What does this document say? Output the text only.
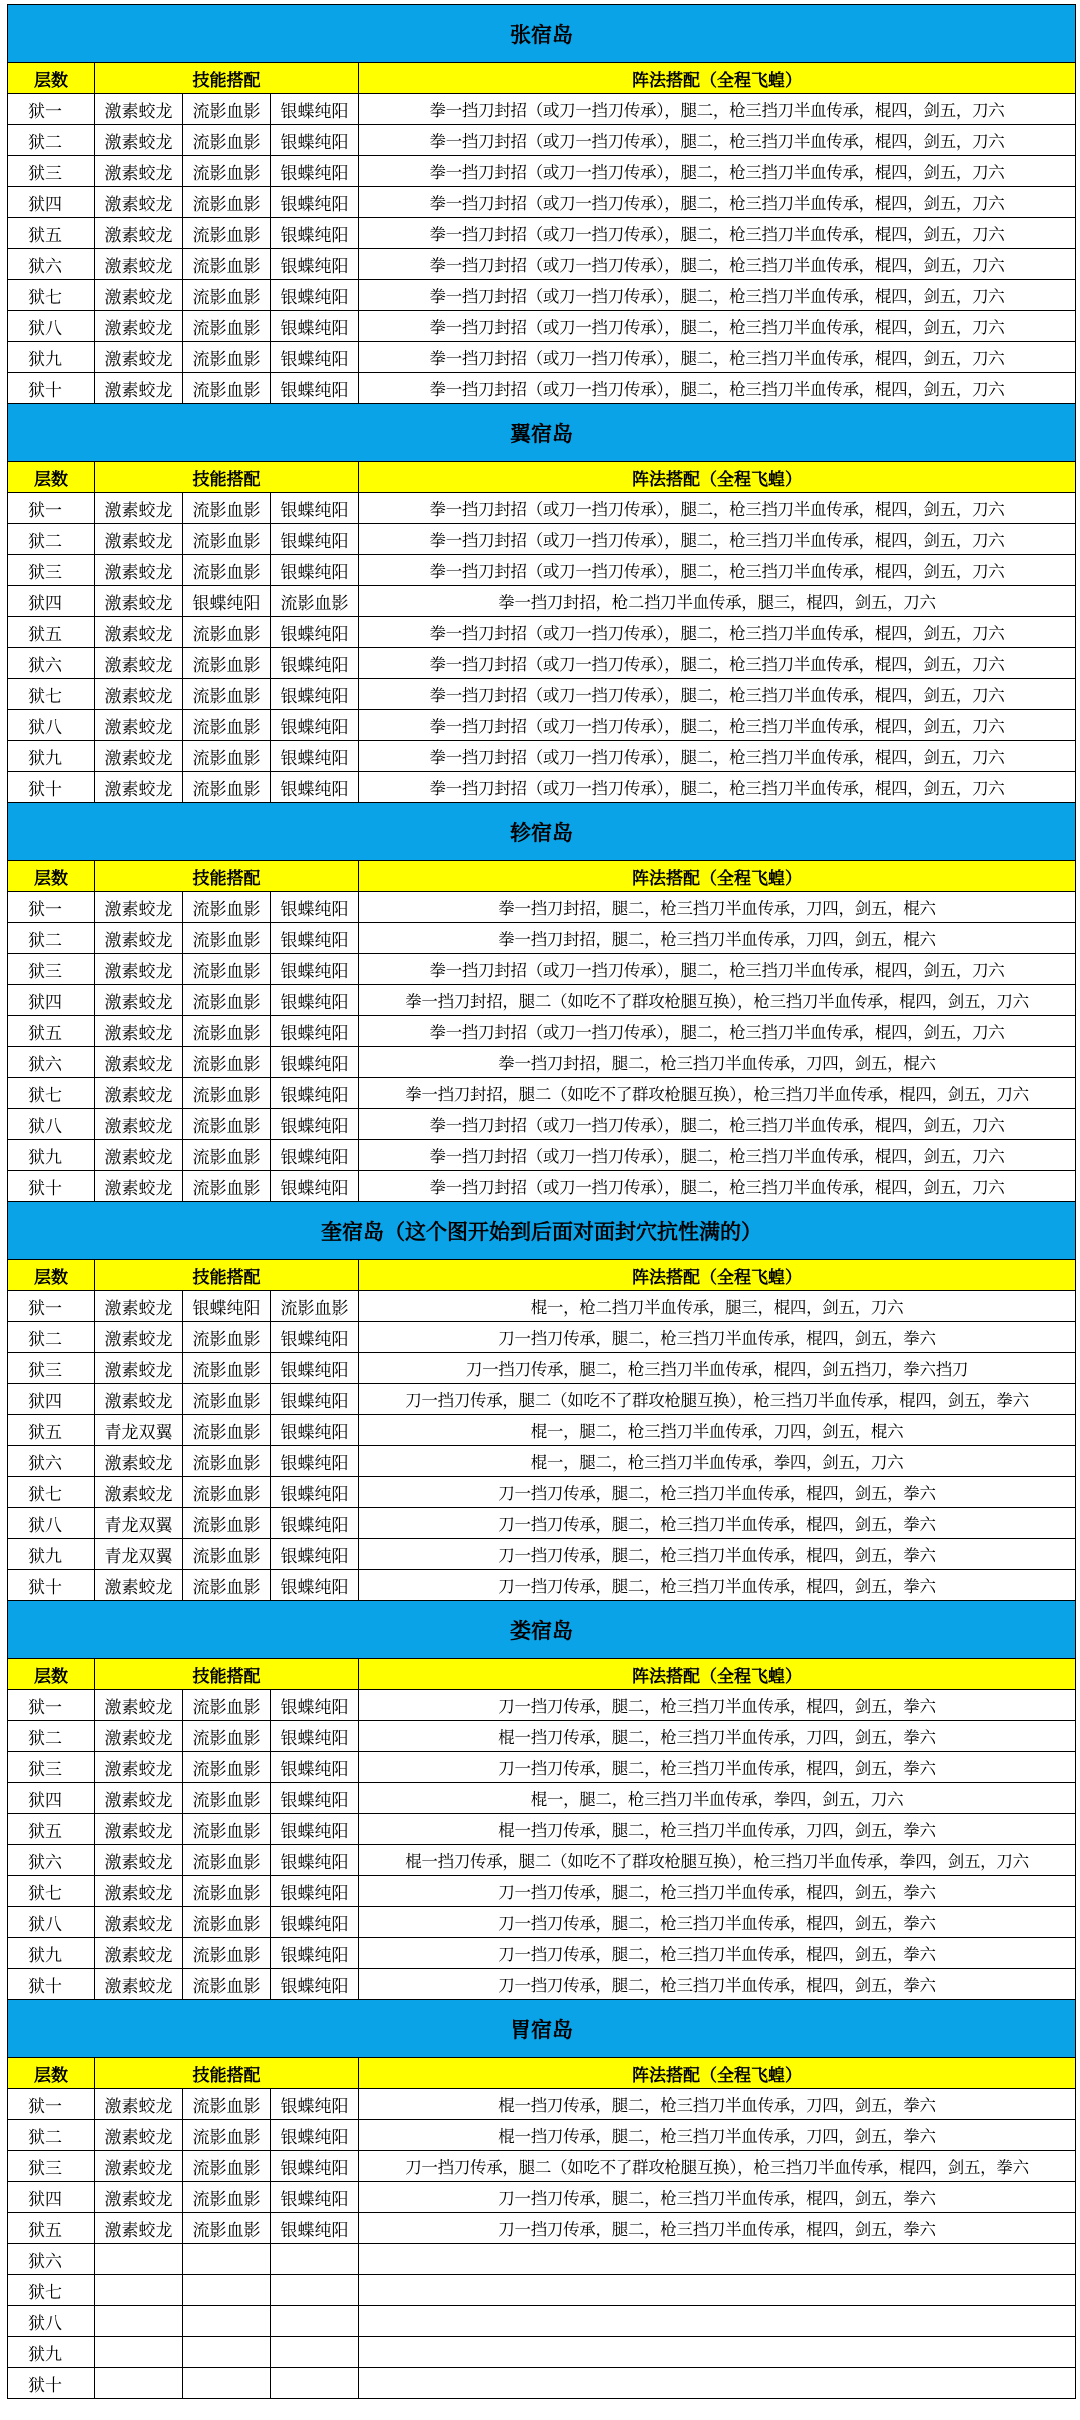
张宿岛				
层数	技能搭配			阵法搭配（全程飞蝗）
狱一	激素蛟龙	流影血影	银蝶纯阳	拳一挡刀封招（或刀一挡刀传承），腿二，枪三挡刀半血传承，棍四，剑五，刀六
狱二	激素蛟龙	流影血影	银蝶纯阳	拳一挡刀封招（或刀一挡刀传承），腿二，枪三挡刀半血传承，棍四，剑五，刀六
狱三	激素蛟龙	流影血影	银蝶纯阳	拳一挡刀封招（或刀一挡刀传承），腿二，枪三挡刀半血传承，棍四，剑五，刀六
狱四	激素蛟龙	流影血影	银蝶纯阳	拳一挡刀封招（或刀一挡刀传承），腿二，枪三挡刀半血传承，棍四，剑五，刀六
狱五	激素蛟龙	流影血影	银蝶纯阳	拳一挡刀封招（或刀一挡刀传承），腿二，枪三挡刀半血传承，棍四，剑五，刀六
狱六	激素蛟龙	流影血影	银蝶纯阳	拳一挡刀封招（或刀一挡刀传承），腿二，枪三挡刀半血传承，棍四，剑五，刀六
狱七	激素蛟龙	流影血影	银蝶纯阳	拳一挡刀封招（或刀一挡刀传承），腿二，枪三挡刀半血传承，棍四，剑五，刀六
狱八	激素蛟龙	流影血影	银蝶纯阳	拳一挡刀封招（或刀一挡刀传承），腿二，枪三挡刀半血传承，棍四，剑五，刀六
狱九	激素蛟龙	流影血影	银蝶纯阳	拳一挡刀封招（或刀一挡刀传承），腿二，枪三挡刀半血传承，棍四，剑五，刀六
狱十	激素蛟龙	流影血影	银蝶纯阳	拳一挡刀封招（或刀一挡刀传承），腿二，枪三挡刀半血传承，棍四，剑五，刀六
翼宿岛				
层数	技能搭配			阵法搭配（全程飞蝗）
狱一	激素蛟龙	流影血影	银蝶纯阳	拳一挡刀封招（或刀一挡刀传承），腿二，枪三挡刀半血传承，棍四，剑五，刀六
狱二	激素蛟龙	流影血影	银蝶纯阳	拳一挡刀封招（或刀一挡刀传承），腿二，枪三挡刀半血传承，棍四，剑五，刀六
狱三	激素蛟龙	流影血影	银蝶纯阳	拳一挡刀封招（或刀一挡刀传承），腿二，枪三挡刀半血传承，棍四，剑五，刀六
狱四	激素蛟龙	银蝶纯阳	流影血影	拳一挡刀封招，枪二挡刀半血传承，腿三，棍四，剑五，刀六
狱五	激素蛟龙	流影血影	银蝶纯阳	拳一挡刀封招（或刀一挡刀传承），腿二，枪三挡刀半血传承，棍四，剑五，刀六
狱六	激素蛟龙	流影血影	银蝶纯阳	拳一挡刀封招（或刀一挡刀传承），腿二，枪三挡刀半血传承，棍四，剑五，刀六
狱七	激素蛟龙	流影血影	银蝶纯阳	拳一挡刀封招（或刀一挡刀传承），腿二，枪三挡刀半血传承，棍四，剑五，刀六
狱八	激素蛟龙	流影血影	银蝶纯阳	拳一挡刀封招（或刀一挡刀传承），腿二，枪三挡刀半血传承，棍四，剑五，刀六
狱九	激素蛟龙	流影血影	银蝶纯阳	拳一挡刀封招（或刀一挡刀传承），腿二，枪三挡刀半血传承，棍四，剑五，刀六
狱十	激素蛟龙	流影血影	银蝶纯阳	拳一挡刀封招（或刀一挡刀传承），腿二，枪三挡刀半血传承，棍四，剑五，刀六
轸宿岛				
层数	技能搭配			阵法搭配（全程飞蝗）
狱一	激素蛟龙	流影血影	银蝶纯阳	拳一挡刀封招，腿二，枪三挡刀半血传承，刀四，剑五，棍六
狱二	激素蛟龙	流影血影	银蝶纯阳	拳一挡刀封招，腿二，枪三挡刀半血传承，刀四，剑五，棍六
狱三	激素蛟龙	流影血影	银蝶纯阳	拳一挡刀封招（或刀一挡刀传承），腿二，枪三挡刀半血传承，棍四，剑五，刀六
狱四	激素蛟龙	流影血影	银蝶纯阳	拳一挡刀封招，腿二（如吃不了群攻枪腿互换），枪三挡刀半血传承，棍四，剑五，刀六
狱五	激素蛟龙	流影血影	银蝶纯阳	拳一挡刀封招（或刀一挡刀传承），腿二，枪三挡刀半血传承，棍四，剑五，刀六
狱六	激素蛟龙	流影血影	银蝶纯阳	拳一挡刀封招，腿二，枪三挡刀半血传承，刀四，剑五，棍六
狱七	激素蛟龙	流影血影	银蝶纯阳	拳一挡刀封招，腿二（如吃不了群攻枪腿互换），枪三挡刀半血传承，棍四，剑五，刀六
狱八	激素蛟龙	流影血影	银蝶纯阳	拳一挡刀封招（或刀一挡刀传承），腿二，枪三挡刀半血传承，棍四，剑五，刀六
狱九	激素蛟龙	流影血影	银蝶纯阳	拳一挡刀封招（或刀一挡刀传承），腿二，枪三挡刀半血传承，棍四，剑五，刀六
狱十	激素蛟龙	流影血影	银蝶纯阳	拳一挡刀封招（或刀一挡刀传承），腿二，枪三挡刀半血传承，棍四，剑五，刀六
奎宿岛（这个图开始到后面对面封穴抗性满的）				
层数	技能搭配			阵法搭配（全程飞蝗）
狱一	激素蛟龙	银蝶纯阳	流影血影	棍一，枪二挡刀半血传承，腿三，棍四，剑五，刀六
狱二	激素蛟龙	流影血影	银蝶纯阳	刀一挡刀传承，腿二，枪三挡刀半血传承，棍四，剑五，拳六
狱三	激素蛟龙	流影血影	银蝶纯阳	刀一挡刀传承，腿二，枪三挡刀半血传承，棍四，剑五挡刀，拳六挡刀
狱四	激素蛟龙	流影血影	银蝶纯阳	刀一挡刀传承，腿二（如吃不了群攻枪腿互换），枪三挡刀半血传承，棍四，剑五，拳六
狱五	青龙双翼	流影血影	银蝶纯阳	棍一，腿二，枪三挡刀半血传承，刀四，剑五，棍六
狱六	激素蛟龙	流影血影	银蝶纯阳	棍一，腿二，枪三挡刀半血传承，拳四，剑五，刀六
狱七	激素蛟龙	流影血影	银蝶纯阳	刀一挡刀传承，腿二，枪三挡刀半血传承，棍四，剑五，拳六
狱八	青龙双翼	流影血影	银蝶纯阳	刀一挡刀传承，腿二，枪三挡刀半血传承，棍四，剑五，拳六
狱九	青龙双翼	流影血影	银蝶纯阳	刀一挡刀传承，腿二，枪三挡刀半血传承，棍四，剑五，拳六
狱十	激素蛟龙	流影血影	银蝶纯阳	刀一挡刀传承，腿二，枪三挡刀半血传承，棍四，剑五，拳六
娄宿岛				
层数	技能搭配			阵法搭配（全程飞蝗）
狱一	激素蛟龙	流影血影	银蝶纯阳	刀一挡刀传承，腿二，枪三挡刀半血传承，棍四，剑五，拳六
狱二	激素蛟龙	流影血影	银蝶纯阳	棍一挡刀传承，腿二，枪三挡刀半血传承，刀四，剑五，拳六
狱三	激素蛟龙	流影血影	银蝶纯阳	刀一挡刀传承，腿二，枪三挡刀半血传承，棍四，剑五，拳六
狱四	激素蛟龙	流影血影	银蝶纯阳	棍一，腿二，枪三挡刀半血传承，拳四，剑五，刀六
狱五	激素蛟龙	流影血影	银蝶纯阳	棍一挡刀传承，腿二，枪三挡刀半血传承，刀四，剑五，拳六
狱六	激素蛟龙	流影血影	银蝶纯阳	棍一挡刀传承，腿二（如吃不了群攻枪腿互换），枪三挡刀半血传承，拳四，剑五，刀六
狱七	激素蛟龙	流影血影	银蝶纯阳	刀一挡刀传承，腿二，枪三挡刀半血传承，棍四，剑五，拳六
狱八	激素蛟龙	流影血影	银蝶纯阳	刀一挡刀传承，腿二，枪三挡刀半血传承，棍四，剑五，拳六
狱九	激素蛟龙	流影血影	银蝶纯阳	刀一挡刀传承，腿二，枪三挡刀半血传承，棍四，剑五，拳六
狱十	激素蛟龙	流影血影	银蝶纯阳	刀一挡刀传承，腿二，枪三挡刀半血传承，棍四，剑五，拳六
胃宿岛				
层数	技能搭配			阵法搭配（全程飞蝗）
狱一	激素蛟龙	流影血影	银蝶纯阳	棍一挡刀传承，腿二，枪三挡刀半血传承，刀四，剑五，拳六
狱二	激素蛟龙	流影血影	银蝶纯阳	棍一挡刀传承，腿二，枪三挡刀半血传承，刀四，剑五，拳六
狱三	激素蛟龙	流影血影	银蝶纯阳	刀一挡刀传承，腿二（如吃不了群攻枪腿互换），枪三挡刀半血传承，棍四，剑五，拳六
狱四	激素蛟龙	流影血影	银蝶纯阳	刀一挡刀传承，腿二，枪三挡刀半血传承，棍四，剑五，拳六
狱五	激素蛟龙	流影血影	银蝶纯阳	刀一挡刀传承，腿二，枪三挡刀半血传承，棍四，剑五，拳六
狱六				
狱七				
狱八				
狱九				
狱十				
